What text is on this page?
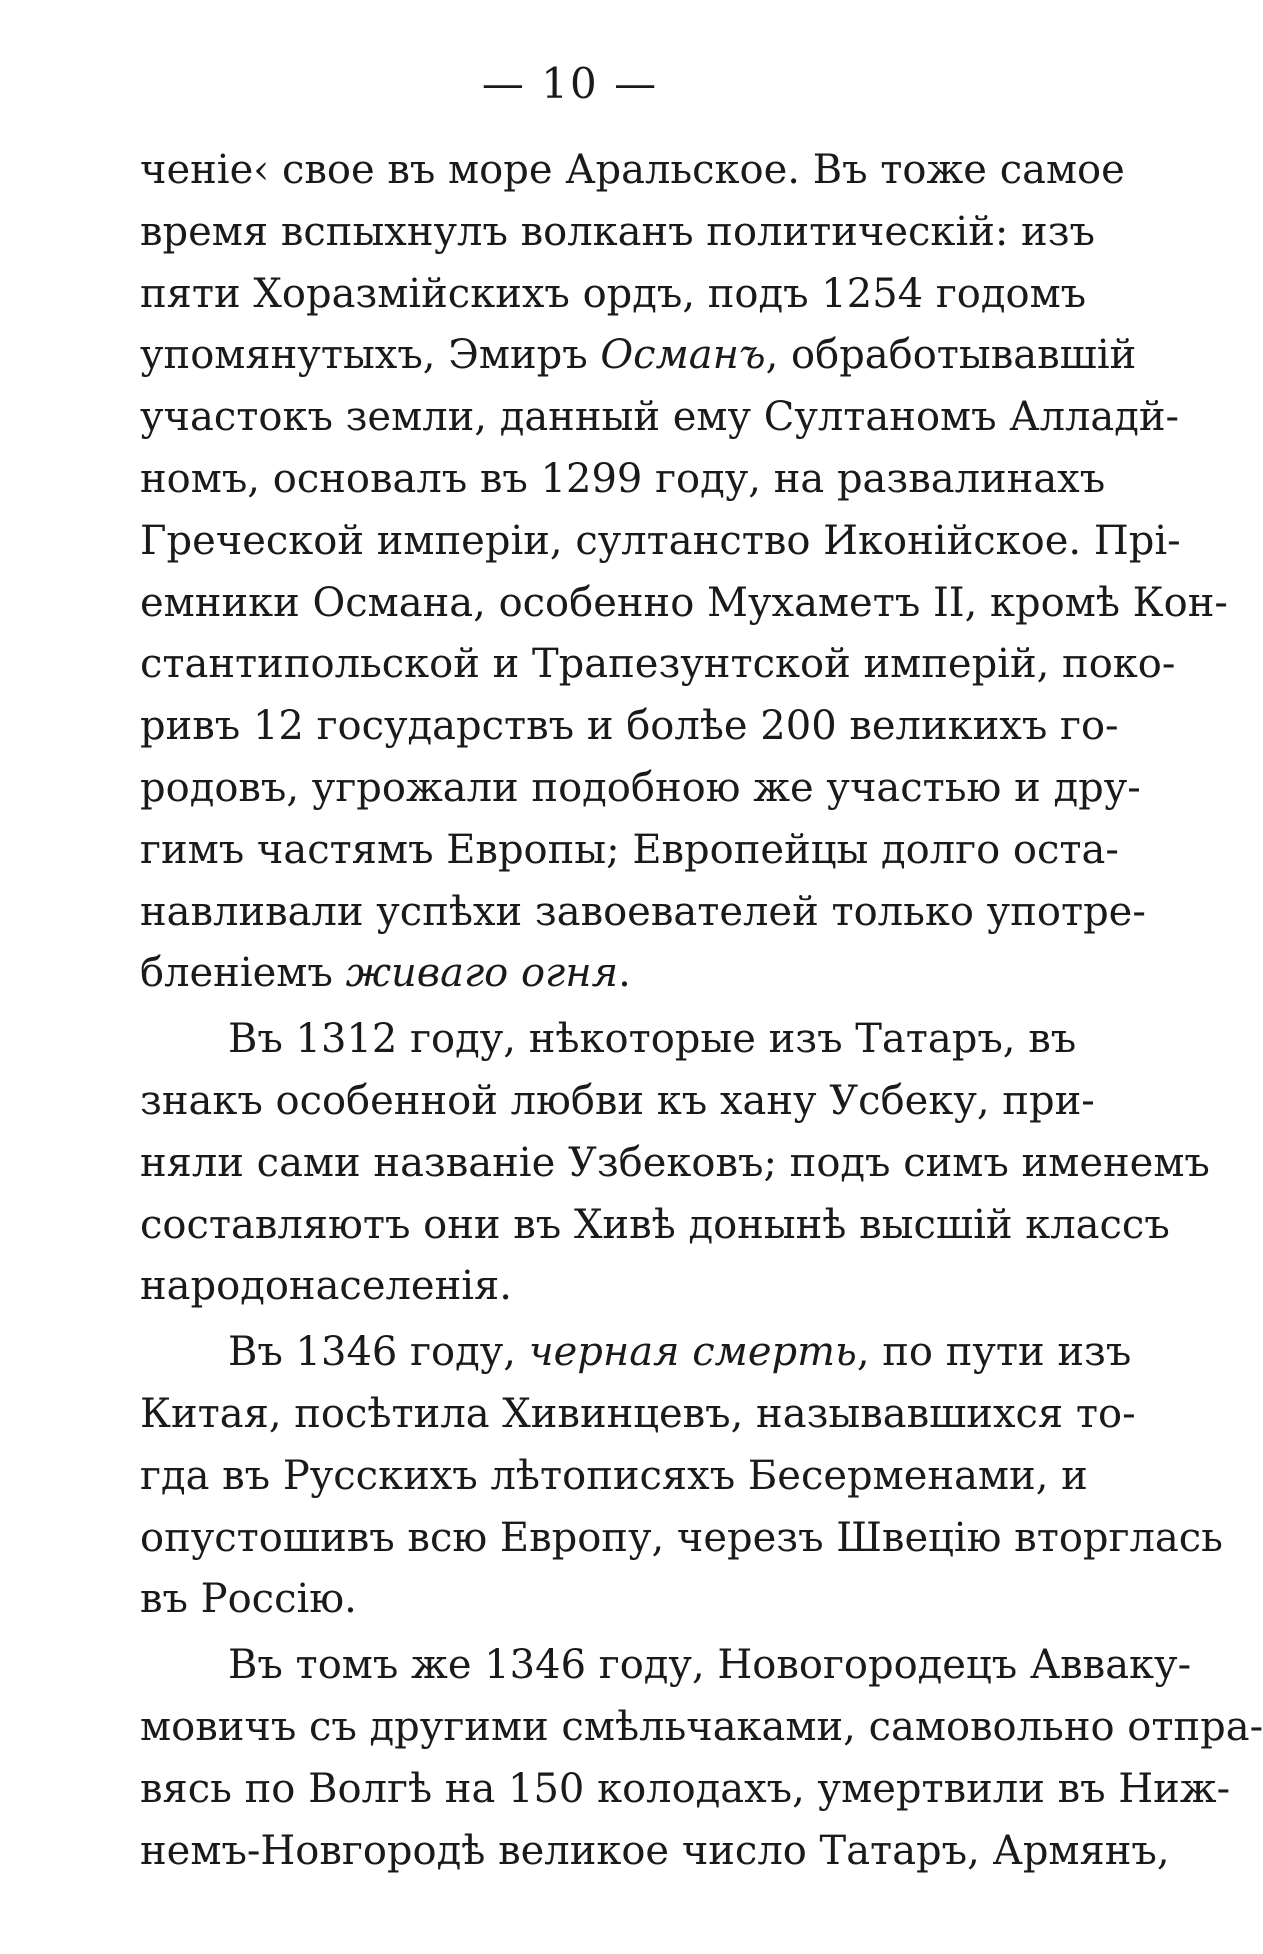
— 10 —
ченіе‹ свое въ море Аральское. Въ тоже самое
время вспыхнулъ волканъ политическій: изъ
пяти Хоразмійскихъ ордъ, подъ 1254 годомъ
упомянутыхъ, Эмиръ Османъ, обработывавшій
участокъ земли, данный ему Султаномъ Алладй-
номъ, основалъ въ 1299 году, на развалинахъ
Греческой имперіи, султанство Иконійское. Прі-
емники Османа, особенно Мухаметъ II, кромѣ Кон-
стантипольской и Трапезунтской имперій, поко-
ривъ 12 государствъ и болѣе 200 великихъ го-
родовъ, угрожали подобною же участью и дру-
гимъ частямъ Европы; Европейцы долго оста-
навливали успѣхи завоевателей только употре-
бленіемъ живаго огня.
Въ 1312 году, нѣкоторые изъ Татаръ, въ
знакъ особенной любви къ хану Усбеку, при-
няли сами названіе Узбековъ; подъ симъ именемъ
составляютъ они въ Хивѣ донынѣ высшій классъ
народонаселенія.
Въ 1346 году, черная смерть, по пути изъ
Китая, посѣтила Хивинцевъ, называвшихся то-
гда въ Русскихъ лѣтописяхъ Бесерменами, и
опустошивъ всю Европу, черезъ Швецію вторглась
въ Россію.
Въ томъ же 1346 году, Новогородецъ Аввaку-
мовичъ съ другими смѣльчаками, самовольно отпра-
вясь по Волгѣ на 150 колодахъ, умертвили въ Ниж-
немъ-Новгородѣ великое число Татаръ, Армянъ,
